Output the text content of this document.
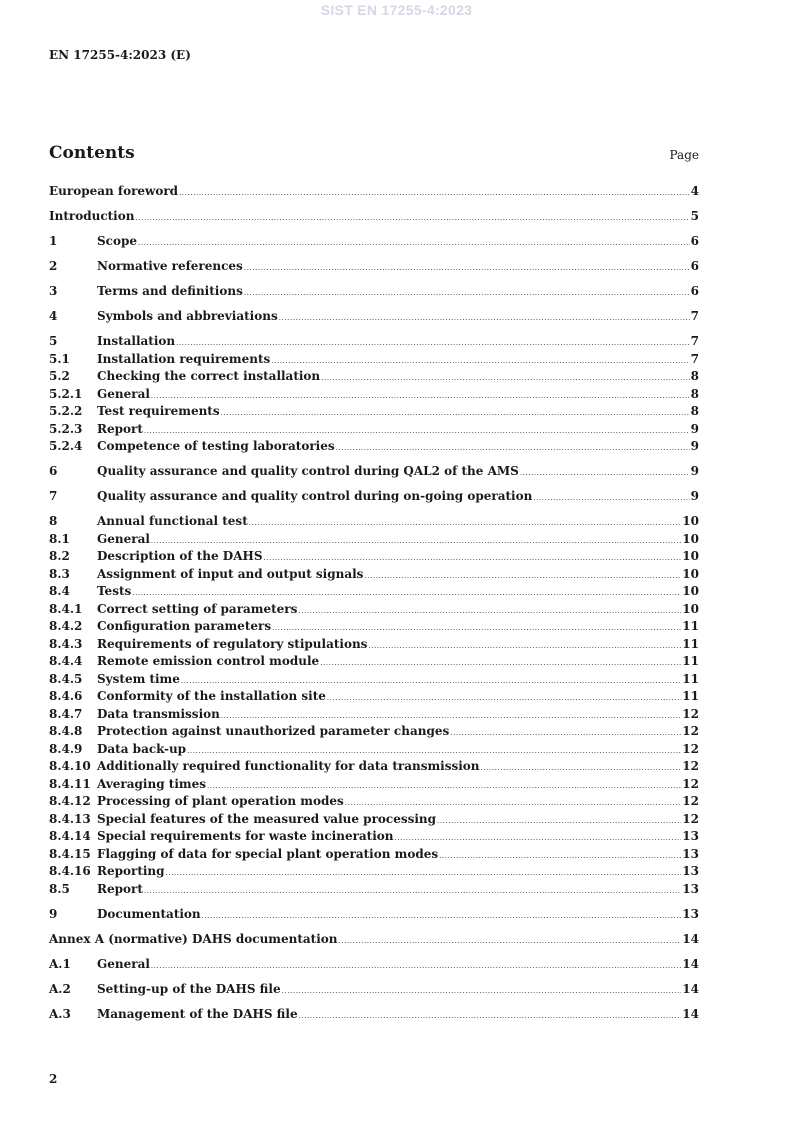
SIST EN 17255-4:2023
EN 17255-4:2023 (E)
Contents	Page
European foreword .....	4
Introduction .....	5
1	Scope .....	6
2	Normative references .....	6
3	Terms and definitions .....	6
4	Symbols and abbreviations .....	7
5	Installation .....	7
5.1	Installation requirements .....	7
5.2	Checking the correct installation .....	8
5.2.1	General .....	8
5.2.2	Test requirements .....	8
5.2.3	Report .....	9
5.2.4	Competence of testing laboratories .....	9
6	Quality assurance and quality control during QAL2 of the AMS .....	9
7	Quality assurance and quality control during on-going operation .....	9
8	Annual functional test .....	10
8.1	General .....	10
8.2	Description of the DAHS .....	10
8.3	Assignment of input and output signals .....	10
8.4	Tests .....	10
8.4.1	Correct setting of parameters .....	10
8.4.2	Configuration parameters .....	11
8.4.3	Requirements of regulatory stipulations .....	11
8.4.4	Remote emission control module .....	11
8.4.5	System time .....	11
8.4.6	Conformity of the installation site .....	11
8.4.7	Data transmission .....	12
8.4.8	Protection against unauthorized parameter changes .....	12
8.4.9	Data back-up .....	12
8.4.10 Additionally required functionality for data transmission .....	12
8.4.11 Averaging times .....	12
8.4.12 Processing of plant operation modes .....	12
8.4.13 Special features of the measured value processing .....	12
8.4.14 Special requirements for waste incineration .....	13
8.4.15 Flagging of data for special plant operation modes .....	13
8.4.16 Reporting .....	13
8.5	Report .....	13
9	Documentation .....	13
Annex A (normative) DAHS documentation .....	14
A.1	General .....	14
A.2	Setting-up of the DAHS file .....	14
A.3	Management of the DAHS file .....	14
2
